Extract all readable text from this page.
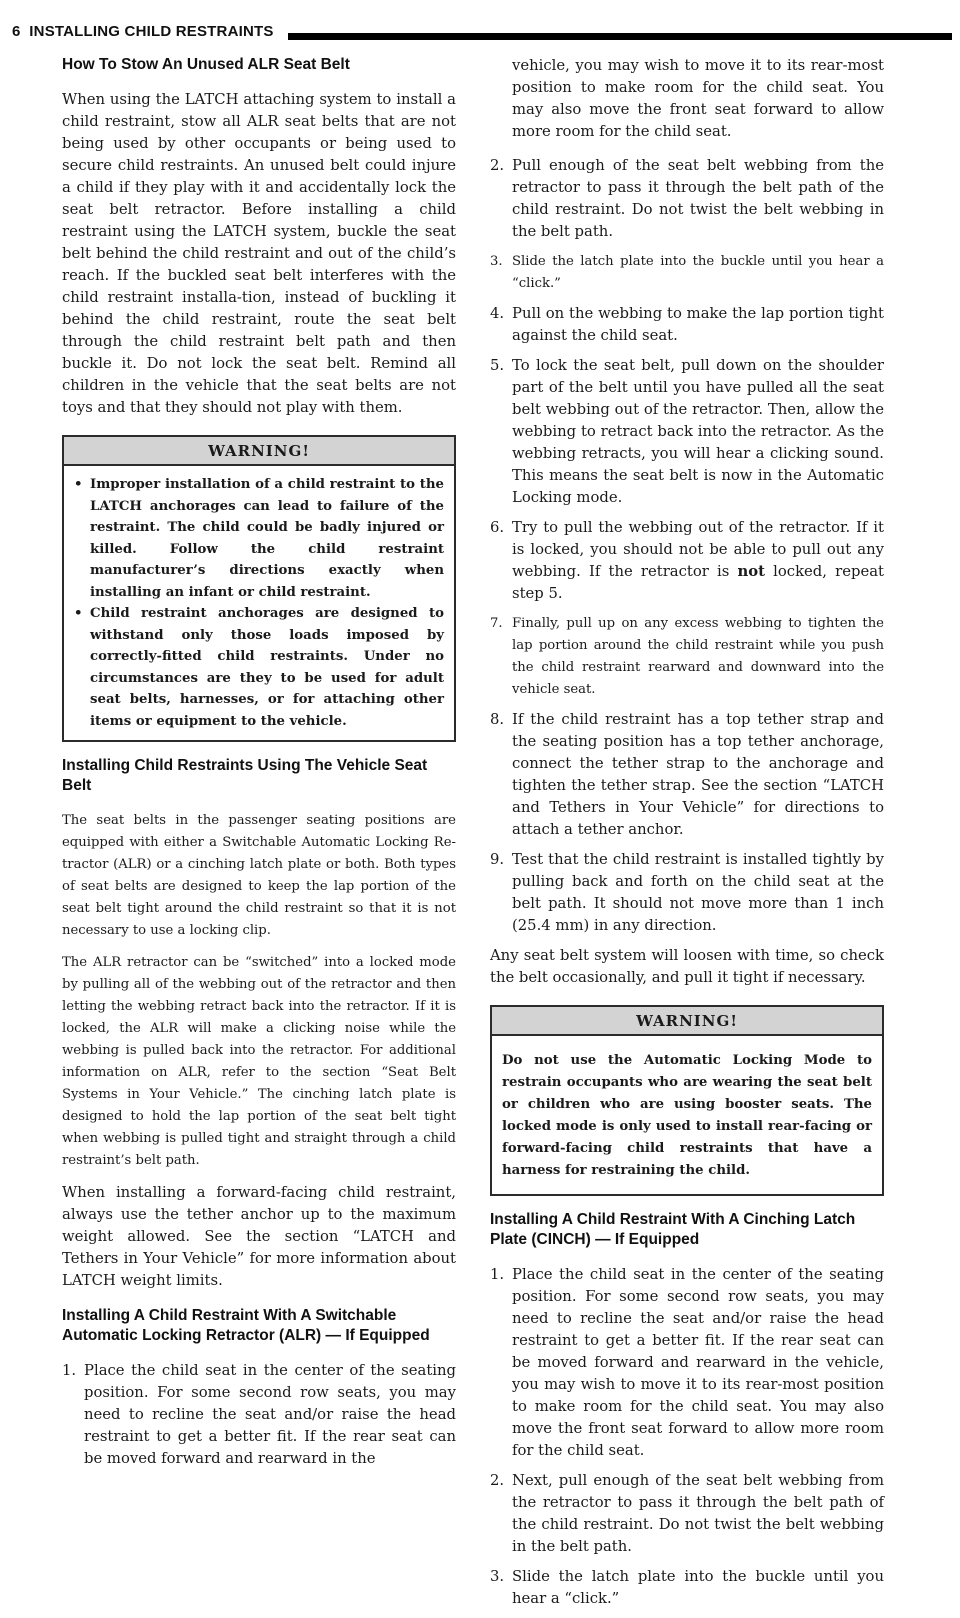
6 INSTALLING CHILD RESTRAINTS
How To Stow An Unused ALR Seat Belt

When using the LATCH attaching system to install a child restraint, stow all ALR seat belts that are not being used by other occupants or being used to secure child restraints. An unused belt could injure a child if they play with it and accidentally lock the seat belt retractor. Before installing a child restraint using the LATCH system, buckle the seat belt behind the child restraint and out of the child’s reach. If the buckled seat belt interferes with the child restraint installa-tion, instead of buckling it behind the child restraint, route the seat belt through the child restraint belt path and then buckle it. Do not lock the seat belt. Remind all children in the vehicle that the seat belts are not toys and that they should not play with them.

WARNING!
• Improper installation of a child restraint to the LATCH anchorages can lead to failure of the restraint. The child could be badly injured or killed. Follow the child restraint manufacturer’s directions exactly when installing an infant or child restraint.
• Child restraint anchorages are designed to withstand only those loads imposed by correctly-fitted child restraints. Under no circumstances are they to be used for adult seat belts, harnesses, or for attaching other items or equipment to the vehicle.
Installing Child Restraints Using The Vehicle Seat Belt

The seat belts in the passenger seating positions are equipped with either a Switchable Automatic Locking Re-tractor (ALR) or a cinching latch plate or both. Both types of seat belts are designed to keep the lap portion of the seat belt tight around the child restraint so that it is not necessary to use a locking clip.

The ALR retractor can be “switched” into a locked mode by pulling all of the webbing out of the retractor and then letting the webbing retract back into the retractor. If it is locked, the ALR will make a clicking noise while the webbing is pulled back into the retractor. For additional information on ALR, refer to the section “Seat Belt Systems in Your Vehicle.” The cinching latch plate is designed to hold the lap portion of the seat belt tight when webbing is pulled tight and straight through a child restraint’s belt path.

When installing a forward-facing child restraint, always use the tether anchor up to the maximum weight allowed. See the section “LATCH and Tethers in Your Vehicle” for more information about LATCH weight limits.

Installing A Child Restraint With A Switchable Automatic Locking Retractor (ALR) — If Equipped
1. Place the child seat in the center of the seating position. For some second row seats, you may need to recline the seat and/or raise the head restraint to get a better fit. If the rear seat can be moved forward and rearward in the
vehicle, you may wish to move it to its rear-most position to make room for the child seat. You may also move the front seat forward to allow more room for the child seat.
2. Pull enough of the seat belt webbing from the retractor to pass it through the belt path of the child restraint. Do not twist the belt webbing in the belt path.
3. Slide the latch plate into the buckle until you hear a “click.”
4. Pull on the webbing to make the lap portion tight against the child seat.
5. To lock the seat belt, pull down on the shoulder part of the belt until you have pulled all the seat belt webbing out of the retractor. Then, allow the webbing to retract back into the retractor. As the webbing retracts, you will hear a clicking sound. This means the seat belt is now in the Automatic Locking mode.
6. Try to pull the webbing out of the retractor. If it is locked, you should not be able to pull out any webbing. If the retractor is not locked, repeat step 5.
7. Finally, pull up on any excess webbing to tighten the lap portion around the child restraint while you push the child restraint rearward and downward into the vehicle seat.
8. If the child restraint has a top tether strap and the seating position has a top tether anchorage, connect the tether strap to the anchorage and tighten the tether strap. See the section “LATCH and Tethers in Your Vehicle” for directions to attach a tether anchor.
9. Test that the child restraint is installed tightly by pulling back and forth on the child seat at the belt path. It should not move more than 1 inch (25.4 mm) in any direction.

Any seat belt system will loosen with time, so check the belt occasionally, and pull it tight if necessary.

WARNING!
Do not use the Automatic Locking Mode to restrain occupants who are wearing the seat belt or children who are using booster seats. The locked mode is only used to install rear-facing or forward-facing child restraints that have a harness for restraining the child.
Installing A Child Restraint With A Cinching Latch Plate (CINCH) — If Equipped
1. Place the child seat in the center of the seating position. For some second row seats, you may need to recline the seat and/or raise the head restraint to get a better fit. If the rear seat can be moved forward and rearward in the vehicle, you may wish to move it to its rear-most position to make room for the child seat. You may also move the front seat forward to allow more room for the child seat.
2. Next, pull enough of the seat belt webbing from the retractor to pass it through the belt path of the child restraint. Do not twist the belt webbing in the belt path.
3. Slide the latch plate into the buckle until you hear a “click.”
